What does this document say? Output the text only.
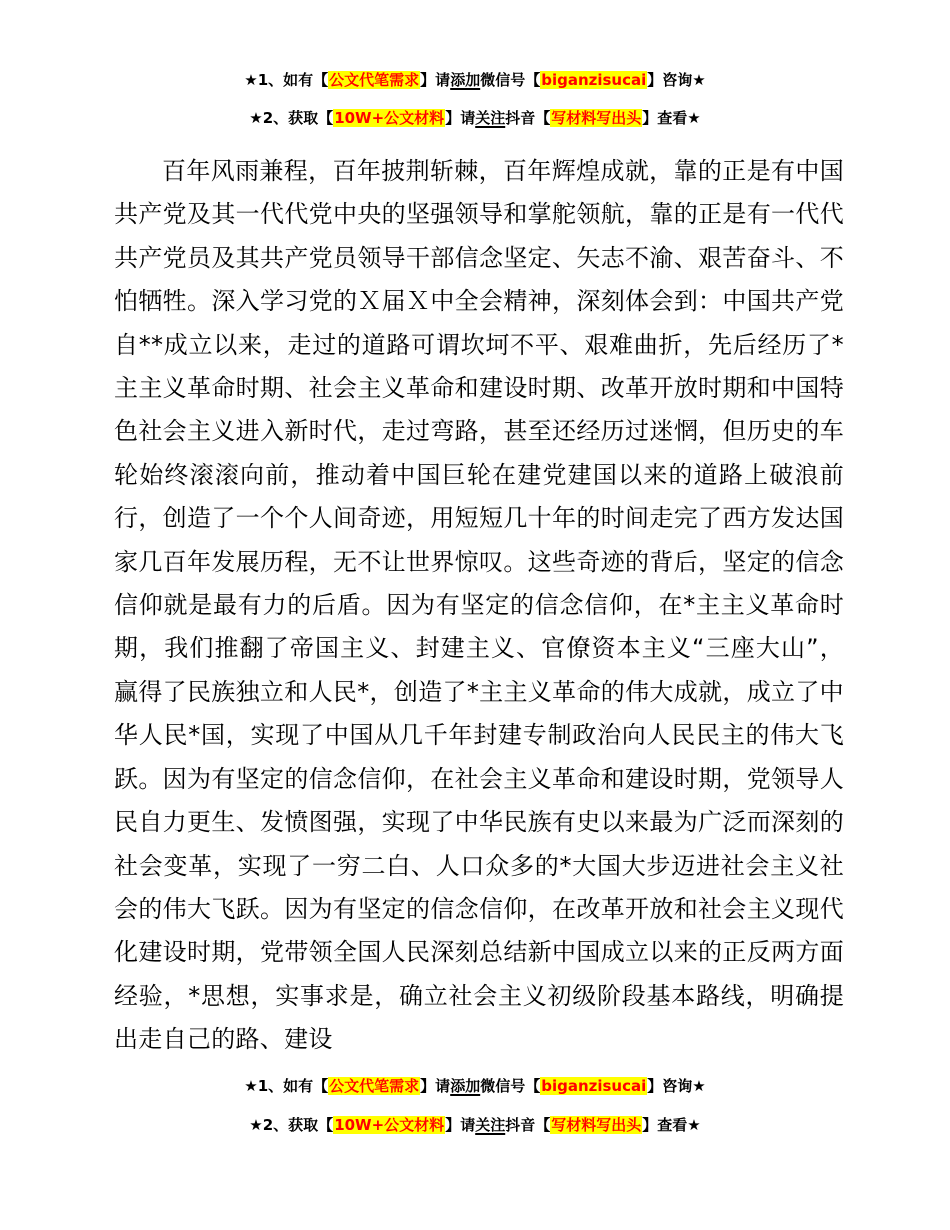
★1、如有【公文代笔需求】请添加微信号【biganzisucai】咨询★
★2、获取【10W+公文材料】请关注抖音【写材料写出头】查看★

百年风雨兼程，百年披荆斩棘，百年辉煌成就，靠的正是有中国共产党及其一代代党中央的坚强领导和掌舵领航，靠的正是有一代代共产党员及其共产党员领导干部信念坚定、矢志不渝、艰苦奋斗、不怕牺牲。深入学习党的Ｘ届Ｘ中全会精神，深刻体会到：中国共产党自**成立以来，走过的道路可谓坎坷不平、艰难曲折，先后经历了*主主义革命时期、社会主义革命和建设时期、改革开放时期和中国特色社会主义进入新时代，走过弯路，甚至还经历过迷惘，但历史的车轮始终滚滚向前，推动着中国巨轮在建党建国以来的道路上破浪前行，创造了一个个人间奇迹，用短短几十年的时间走完了西方发达国家几百年发展历程，无不让世界惊叹。这些奇迹的背后，坚定的信念信仰就是最有力的后盾。因为有坚定的信念信仰，在*主主义革命时期，我们推翻了帝国主义、封建主义、官僚资本主义“三座大山”，赢得了民族独立和人民*，创造了*主主义革命的伟大成就，成立了中华人民*国，实现了中国从几千年封建专制政治向人民民主的伟大飞跃。因为有坚定的信念信仰，在社会主义革命和建设时期，党领导人民自力更生、发愤图强，实现了中华民族有史以来最为广泛而深刻的社会变革，实现了一穷二白、人口众多的*大国大步迈进社会主义社会的伟大飞跃。因为有坚定的信念信仰，在改革开放和社会主义现代化建设时期，党带领全国人民深刻总结新中国成立以来的正反两方面经验，*思想，实事求是，确立社会主义初级阶段基本路线，明确提出走自己的路、建设

★1、如有【公文代笔需求】请添加微信号【biganzisucai】咨询★
★2、获取【10W+公文材料】请关注抖音【写材料写出头】查看★
